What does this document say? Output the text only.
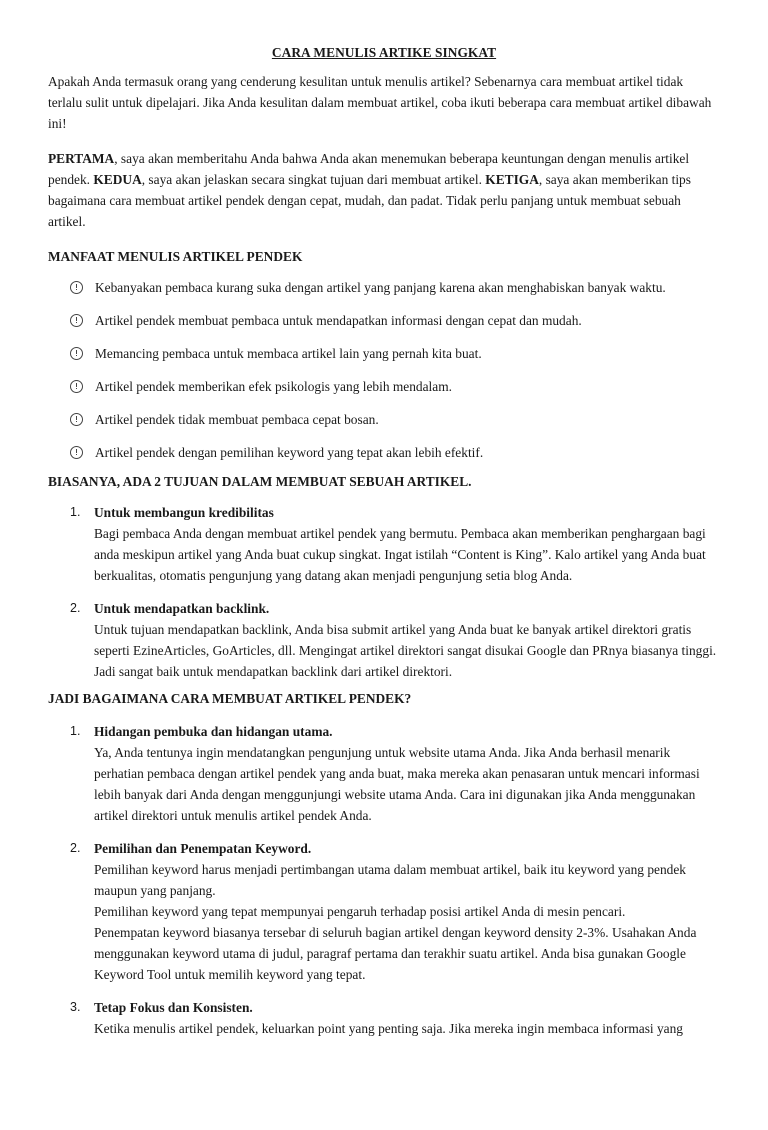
CARA MENULIS ARTIKE SINGKAT

Apakah Anda termasuk orang yang cenderung kesulitan untuk menulis artikel? Sebenarnya cara membuat artikel tidak terlalu sulit untuk dipelajari. Jika Anda kesulitan dalam membuat artikel, coba ikuti beberapa cara membuat artikel dibawah ini!

PERTAMA, saya akan memberitahu Anda bahwa Anda akan menemukan beberapa keuntungan dengan menulis artikel pendek. KEDUA, saya akan jelaskan secara singkat tujuan dari membuat artikel. KETIGA, saya akan memberikan tips bagaimana cara membuat artikel pendek dengan cepat, mudah, dan padat. Tidak perlu panjang untuk membuat sebuah artikel.

MANFAAT MENULIS ARTIKEL PENDEK
Kebanyakan pembaca kurang suka dengan artikel yang panjang karena akan menghabiskan banyak waktu.
Artikel pendek membuat pembaca untuk mendapatkan informasi dengan cepat dan mudah.
Memancing pembaca untuk membaca artikel lain yang pernah kita buat.
Artikel pendek memberikan efek psikologis yang lebih mendalam.
Artikel pendek tidak membuat pembaca cepat bosan.
Artikel pendek dengan pemilihan keyword yang tepat akan lebih efektif.
BIASANYA, ADA 2 TUJUAN DALAM MEMBUAT SEBUAH ARTIKEL.
1.	Untuk membangun kredibilitas
Bagi pembaca Anda dengan membuat artikel pendek yang bermutu. Pembaca akan memberikan penghargaan bagi anda meskipun artikel yang Anda buat cukup singkat. Ingat istilah “Content is King”. Kalo artikel yang Anda buat berkualitas, otomatis pengunjung yang datang akan menjadi pengunjung setia blog Anda.
2.	Untuk mendapatkan backlink.
Untuk tujuan mendapatkan backlink, Anda bisa submit artikel yang Anda buat ke banyak artikel direktori gratis seperti EzineArticles, GoArticles, dll. Mengingat artikel direktori sangat disukai Google dan PRnya biasanya tinggi. Jadi sangat baik untuk mendapatkan backlink dari artikel direktori.
JADI BAGAIMANA CARA MEMBUAT ARTIKEL PENDEK?
1.	Hidangan pembuka dan hidangan utama.
Ya, Anda tentunya ingin mendatangkan pengunjung untuk website utama Anda. Jika Anda berhasil menarik perhatian pembaca dengan artikel pendek yang anda buat, maka mereka akan penasaran untuk mencari informasi lebih banyak dari Anda dengan menggunjungi website utama Anda. Cara ini digunakan jika Anda menggunakan artikel direktori untuk menulis artikel pendek Anda.
2.	Pemilihan dan Penempatan Keyword.
Pemilihan keyword harus menjadi pertimbangan utama dalam membuat artikel, baik itu keyword yang pendek maupun yang panjang.
Pemilihan keyword yang tepat mempunyai pengaruh terhadap posisi artikel Anda di mesin pencari.
Penempatan keyword biasanya tersebar di seluruh bagian artikel dengan keyword density 2-3%. Usahakan Anda menggunakan keyword utama di judul, paragraf pertama dan terakhir suatu artikel. Anda bisa gunakan Google Keyword Tool untuk memilih keyword yang tepat.
3.	Tetap Fokus dan Konsisten.
Ketika menulis artikel pendek, keluarkan point yang penting saja. Jika mereka ingin membaca informasi yang
